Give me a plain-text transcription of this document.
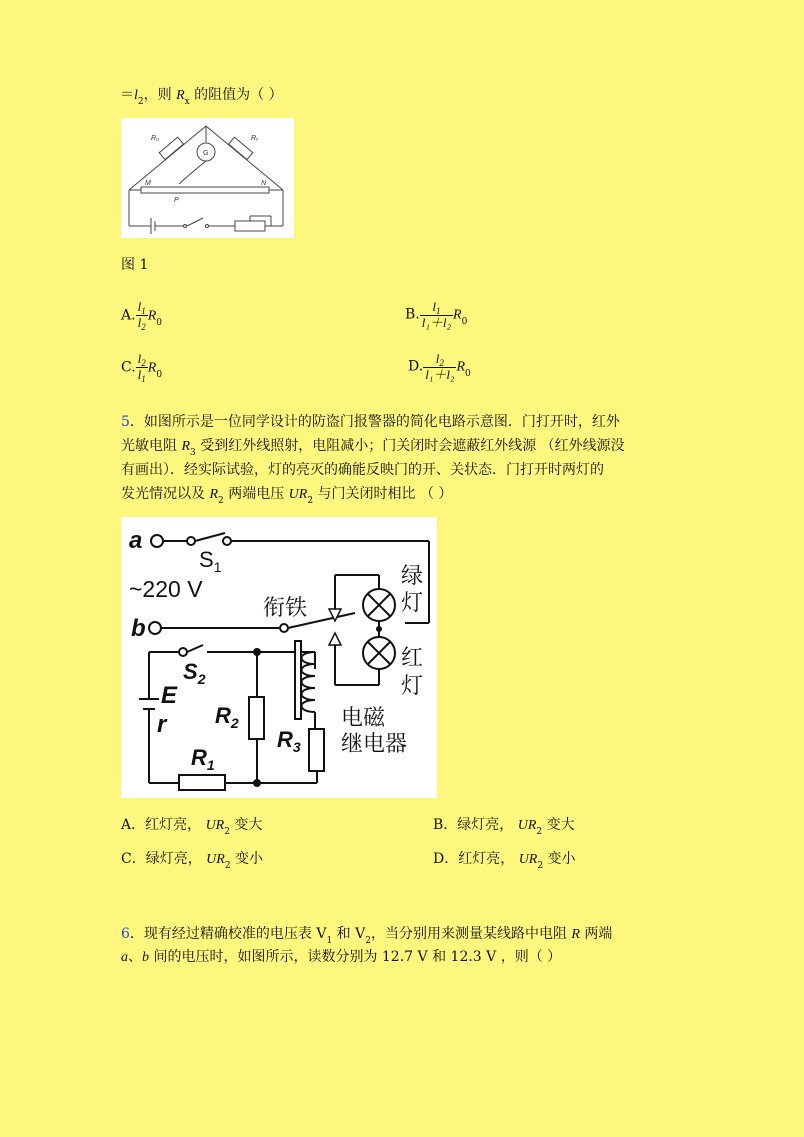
$=l_2$，则 $R_x$ 的阻值为（ ）
R₀	Rₓ
G
M	N
P
图 1
A. $\frac{l_1}{l_2} R_0$	B. $\frac{l_1}{\text{l₁＋l₂}} R_0$
C. $\frac{l_2}{l_1} R_0$	D. $\frac{l_2}{\text{l₁＋l₂}} R_0$
5．如图所示是一位同学设计的防盗门报警器的简化电路示意图．门打开时，红外
光敏电阻 $R_3$ 受到红外线照射，电阻减小；门关闭时会遮蔽红外线源 （红外线源没
有画出）．经实际试验，灯的亮灭的确能反映门的开、关状态．门打开时两灯的
发光情况以及 $R_2$ 两端电压 $UR_2$ 与门关闭时相比 （ ）
a
$S_1$
~220 V
衔铁
b
绿
灯
红
灯
$S_2$
E
r $R_2$
$R_3$
$R_1$
电磁
继电器
A．红灯亮， $UR_2$ 变大	B．绿灯亮， $UR_2$ 变大
C．绿灯亮， $UR_2$ 变小	D．红灯亮， $UR_2$ 变小
6．现有经过精确校准的电压表 $V_1$ 和 $V_2$，当分别用来测量某线路中电阻 R 两端
a、b 间的电压时，如图所示，读数分别为 12.7 V 和 12.3 V ，则（ ）
